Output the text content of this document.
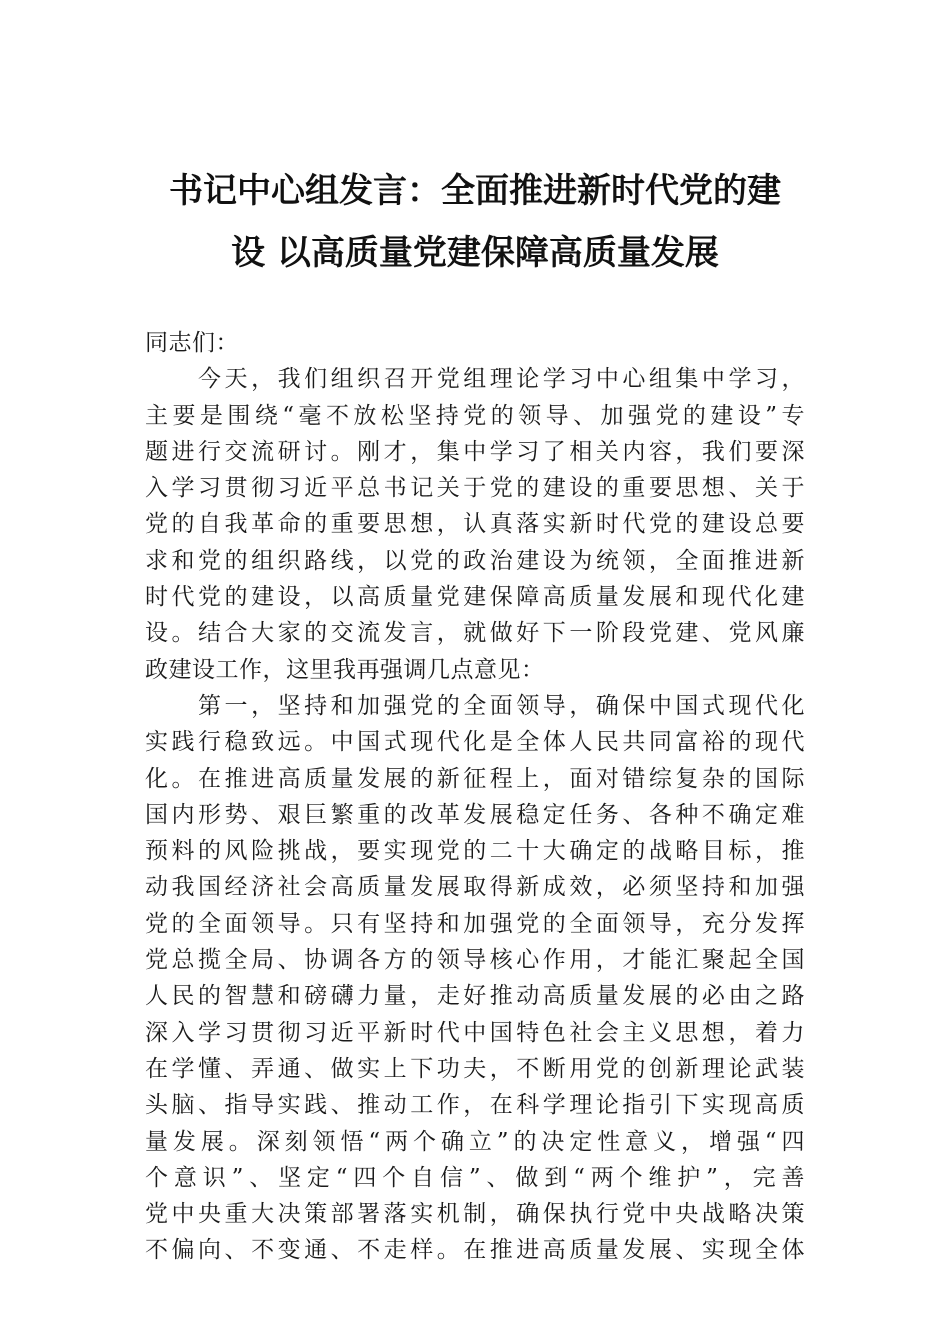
书记中心组发言：全面推进新时代党的建
设 以高质量党建保障高质量发展
同志们：
　　今天，我们组织召开党组理论学习中心组集中学习，
主要是围绕“毫不放松坚持党的领导、加强党的建设”专
题进行交流研讨。刚才，集中学习了相关内容，我们要深
入学习贯彻习近平总书记关于党的建设的重要思想、关于
党的自我革命的重要思想，认真落实新时代党的建设总要
求和党的组织路线，以党的政治建设为统领，全面推进新
时代党的建设，以高质量党建保障高质量发展和现代化建
设。结合大家的交流发言，就做好下一阶段党建、党风廉
政建设工作，这里我再强调几点意见：
　　第一，坚持和加强党的全面领导，确保中国式现代化
实践行稳致远。中国式现代化是全体人民共同富裕的现代
化。在推进高质量发展的新征程上，面对错综复杂的国际
国内形势、艰巨繁重的改革发展稳定任务、各种不确定难
预料的风险挑战，要实现党的二十大确定的战略目标，推
动我国经济社会高质量发展取得新成效，必须坚持和加强
党的全面领导。只有坚持和加强党的全面领导，充分发挥
党总揽全局、协调各方的领导核心作用，才能汇聚起全国
人民的智慧和磅礴力量，走好推动高质量发展的必由之路
深入学习贯彻习近平新时代中国特色社会主义思想，着力
在学懂、弄通、做实上下功夫，不断用党的创新理论武装
头脑、指导实践、推动工作，在科学理论指引下实现高质
量发展。深刻领悟“两个确立”的决定性意义，增强“四
个意识”、坚定“四个自信”、做到“两个维护”，完善
党中央重大决策部署落实机制，确保执行党中央战略决策
不偏向、不变通、不走样。在推进高质量发展、实现全体
